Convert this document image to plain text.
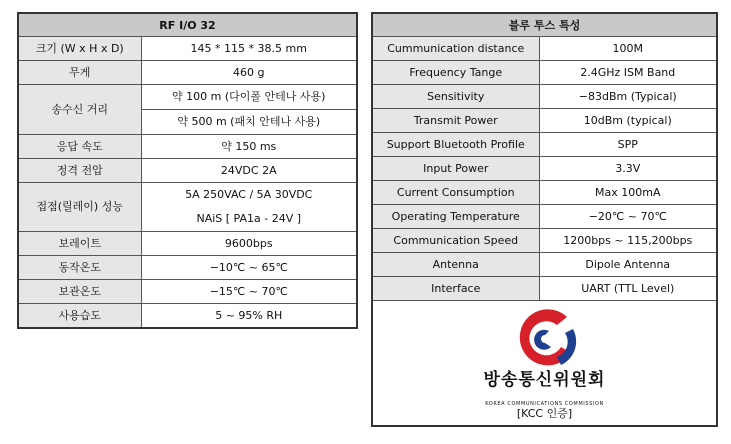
RF I/O 32	
크기 (W x H x D)	145 * 115 * 38.5 mm
무게	460 g
송수신 거리	약 100 m (다이폴 안테나 사용)
약 500 m (패치 안테나 사용)

응답 속도	약 150 ms
정격 전압	24VDC 2A
접점(릴레이) 성능	5A 250VAC / 5A 30VDC
NAiS [ PA1a - 24V ]

보레이트	9600bps
동작온도	−10℃ ~ 65℃
보관온도	−15℃ ~ 70℃
사용습도	5 ~ 95% RH
블루 투스 특성	
Cummunication distance	100M
Frequency Tange	2.4GHz ISM Band
Sensitivity	−83dBm (Typical)
Transmit Power	10dBm (typical)
Support Bluetooth Profile	SPP
Input Power	3.3V
Current Consumption	Max 100mA
Operating Temperature	−20℃ ~ 70℃
Communication Speed	1200bps ~ 115,200bps
Antenna	Dipole Antenna
Interface	UART (TTL Level)

방송통신위원회
KOREA COMMUNICATIONS COMMISSION
[KCC 인증]	
